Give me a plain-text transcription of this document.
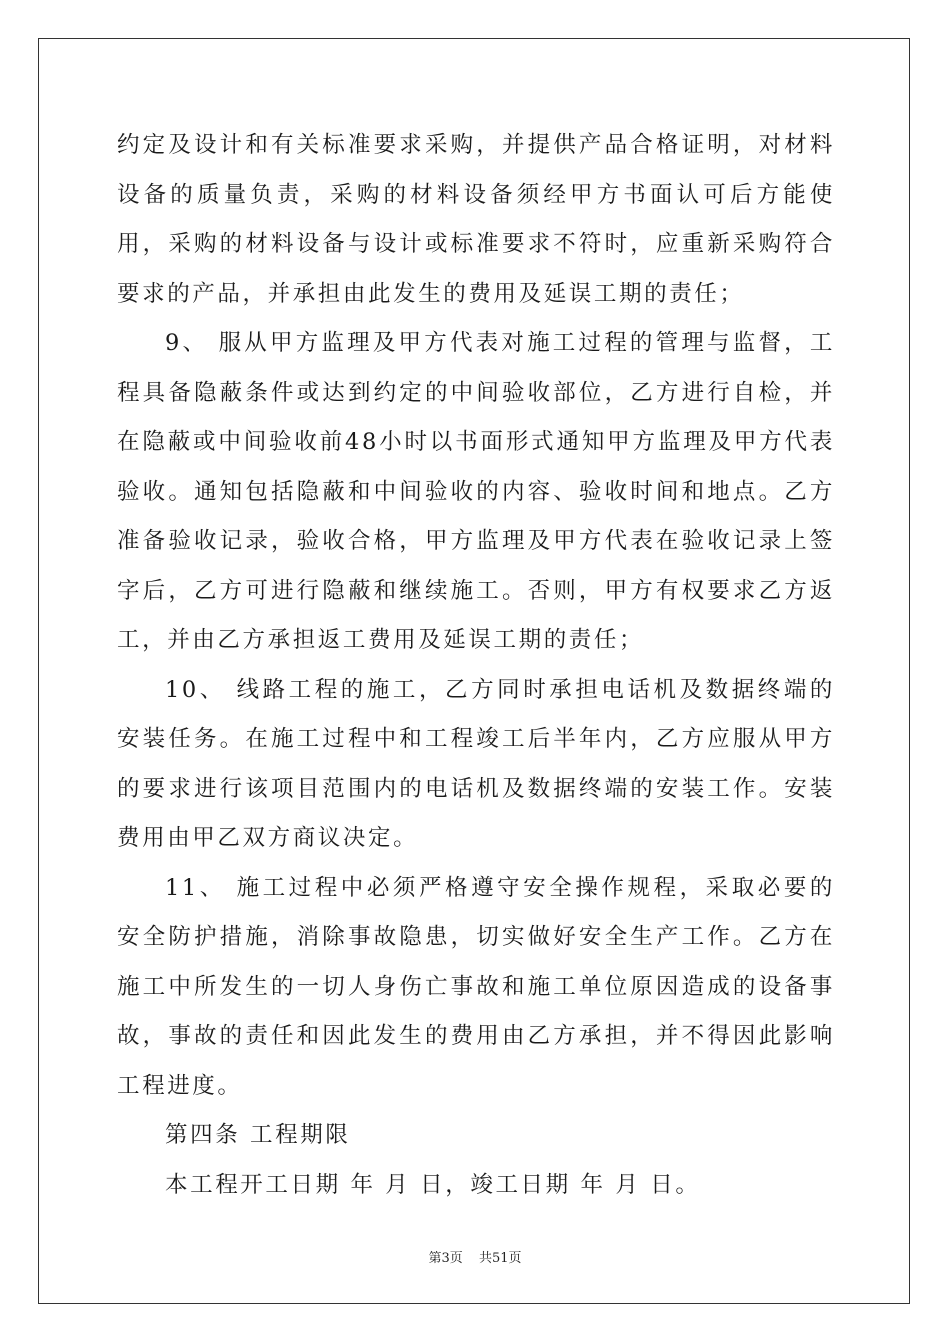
约定及设计和有关标准要求采购，并提供产品合格证明，对材料设备的质量负责，采购的材料设备须经甲方书面认可后方能使用，采购的材料设备与设计或标准要求不符时，应重新采购符合要求的产品，并承担由此发生的费用及延误工期的责任；

9、 服从甲方监理及甲方代表对施工过程的管理与监督，工程具备隐蔽条件或达到约定的中间验收部位，乙方进行自检，并在隐蔽或中间验收前48小时以书面形式通知甲方监理及甲方代表验收。通知包括隐蔽和中间验收的内容、验收时间和地点。乙方准备验收记录，验收合格，甲方监理及甲方代表在验收记录上签字后，乙方可进行隐蔽和继续施工。否则，甲方有权要求乙方返工，并由乙方承担返工费用及延误工期的责任；

10、 线路工程的施工，乙方同时承担电话机及数据终端的安装任务。在施工过程中和工程竣工后半年内，乙方应服从甲方的要求进行该项目范围内的电话机及数据终端的安装工作。安装费用由甲乙双方商议决定。

11、 施工过程中必须严格遵守安全操作规程，采取必要的安全防护措施，消除事故隐患，切实做好安全生产工作。乙方在施工中所发生的一切人身伤亡事故和施工单位原因造成的设备事故，事故的责任和因此发生的费用由乙方承担，并不得因此影响工程进度。

第四条 工程期限

本工程开工日期 年 月 日，竣工日期 年 月 日。

第3页 共51页
